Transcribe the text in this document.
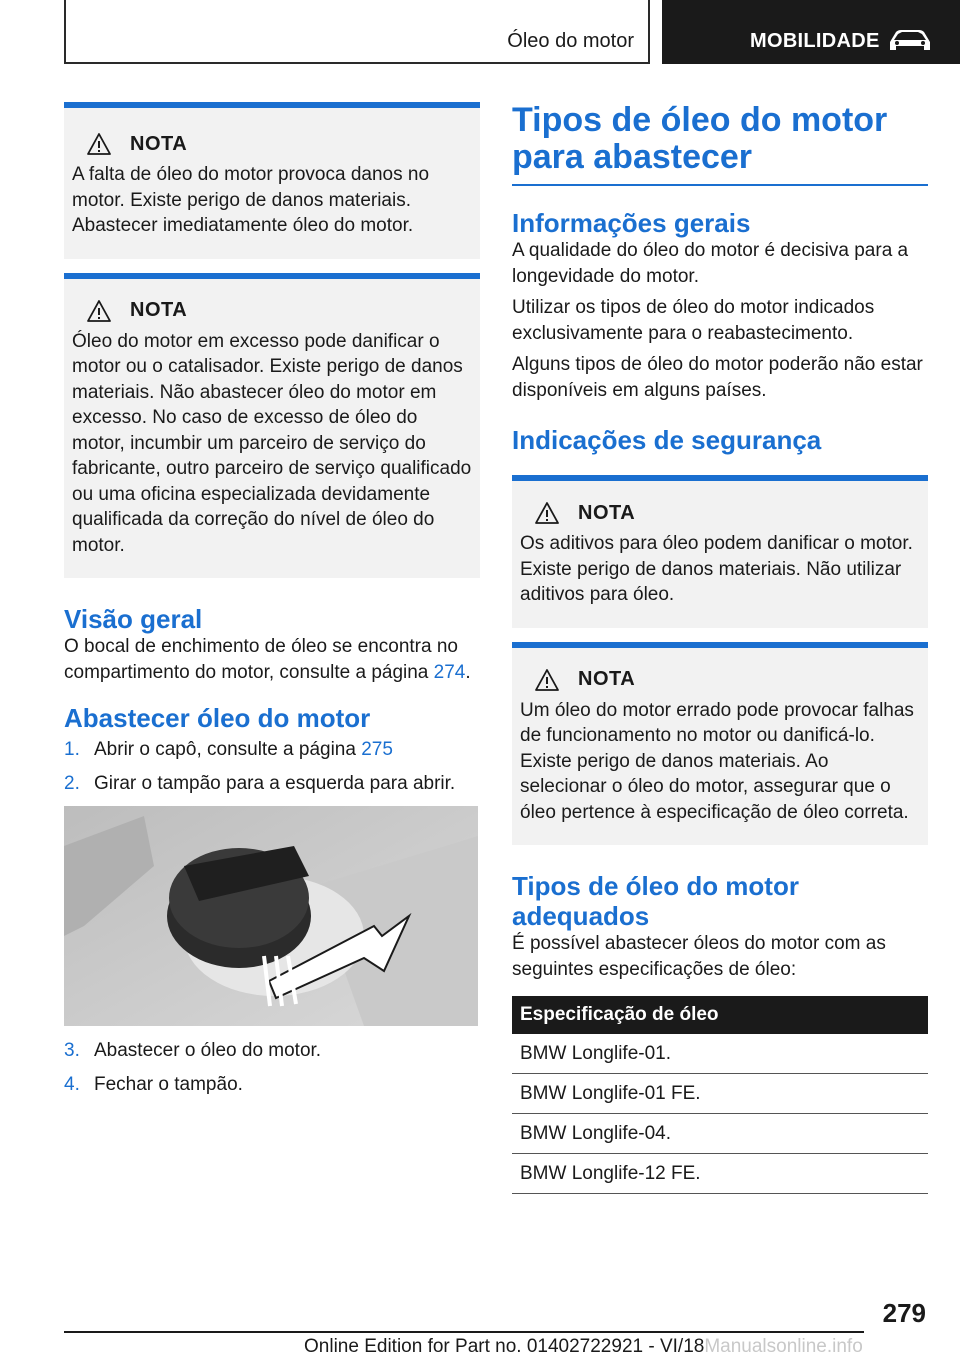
Óleo do motor	MOBILIDADE
NOTA
A falta de óleo do motor provoca danos no motor. Existe perigo de danos materiais. Abastecer imediatamente óleo do motor.
NOTA
Óleo do motor em excesso pode danificar o motor ou o catalisador. Existe perigo de danos materiais. Não abastecer óleo do motor em excesso. No caso de excesso de óleo do motor, incumbir um parceiro de serviço do fabricante, outro parceiro de serviço qualificado ou uma oficina especializada devidamente qualificada da correção do nível de óleo do motor.
Visão geral

O bocal de enchimento de óleo se encontra no compartimento do motor, consulte a página 274.

Abastecer óleo do motor
1. Abrir o capô, consulte a página 275
2. Girar o tampão para a esquerda para abrir.
3. Abastecer o óleo do motor.
4. Fechar o tampão.
Tipos de óleo do motor para abastecer
Informações gerais

A qualidade do óleo do motor é decisiva para a longevidade do motor.

Utilizar os tipos de óleo do motor indicados exclusivamente para o reabastecimento.

Alguns tipos de óleo do motor poderão não estar disponíveis em alguns países.

Indicações de segurança
NOTA
Os aditivos para óleo podem danificar o motor. Existe perigo de danos materiais. Não utilizar aditivos para óleo.
NOTA
Um óleo do motor errado pode provocar falhas de funcionamento no motor ou danificá-lo. Existe perigo de danos materiais. Ao selecionar o óleo do motor, assegurar que o óleo pertence à especificação de óleo correta.
Tipos de óleo do motor adequados

É possível abastecer óleos do motor com as seguintes especificações de óleo:

Especificação de óleo
BMW Longlife-01.
BMW Longlife-01 FE.
BMW Longlife-04.
BMW Longlife-12 FE.
279
Online Edition for Part no. 01402722921 - VI/18Manualsonline.info
